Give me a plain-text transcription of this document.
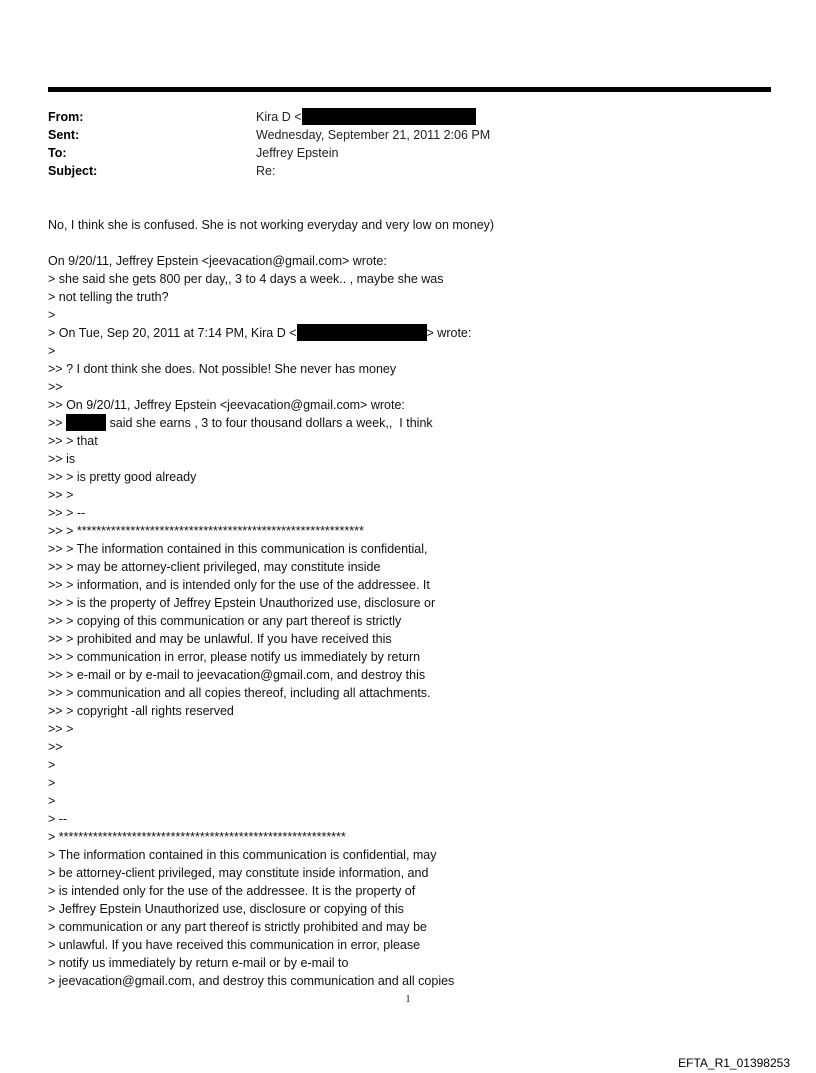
From:	Kira D <
Sent:	Wednesday, September 21, 2011 2:06 PM
To:	Jeffrey Epstein
Subject:	Re:
No, I think she is confused. She is not working everyday and very low on money)
On 9/20/11, Jeffrey Epstein <jeevacation@gmail.com> wrote:
> she said she gets 800 per day,, 3 to 4 days a week.. , maybe she was
> not telling the truth?
>
> On Tue, Sep 20, 2011 at 7:14 PM, Kira D <	> wrote:
>
>> ? I dont think she does. Not possible! She never has money
>>
>> On 9/20/11, Jeffrey Epstein <jeevacation@gmail.com> wrote:
>>	said she earns , 3 to four thousand dollars a week,,  I think
>> > that
>> is
>> > is pretty good already
>> >
>> > --
>> > ***********************************************************
>> > The information contained in this communication is confidential,
>> > may be attorney-client privileged, may constitute inside
>> > information, and is intended only for the use of the addressee. It
>> > is the property of Jeffrey Epstein Unauthorized use, disclosure or
>> > copying of this communication or any part thereof is strictly
>> > prohibited and may be unlawful. If you have received this
>> > communication in error, please notify us immediately by return
>> > e-mail or by e-mail to jeevacation@gmail.com, and destroy this
>> > communication and all copies thereof, including all attachments.
>> > copyright -all rights reserved
>> >
>>
>
>
>
> --
> ***********************************************************
> The information contained in this communication is confidential, may
> be attorney-client privileged, may constitute inside information, and
> is intended only for the use of the addressee. It is the property of
> Jeffrey Epstein Unauthorized use, disclosure or copying of this
> communication or any part thereof is strictly prohibited and may be
> unlawful. If you have received this communication in error, please
> notify us immediately by return e-mail or by e-mail to
> jeevacation@gmail.com, and destroy this communication and all copies
1
EFTA_R1_01398253
